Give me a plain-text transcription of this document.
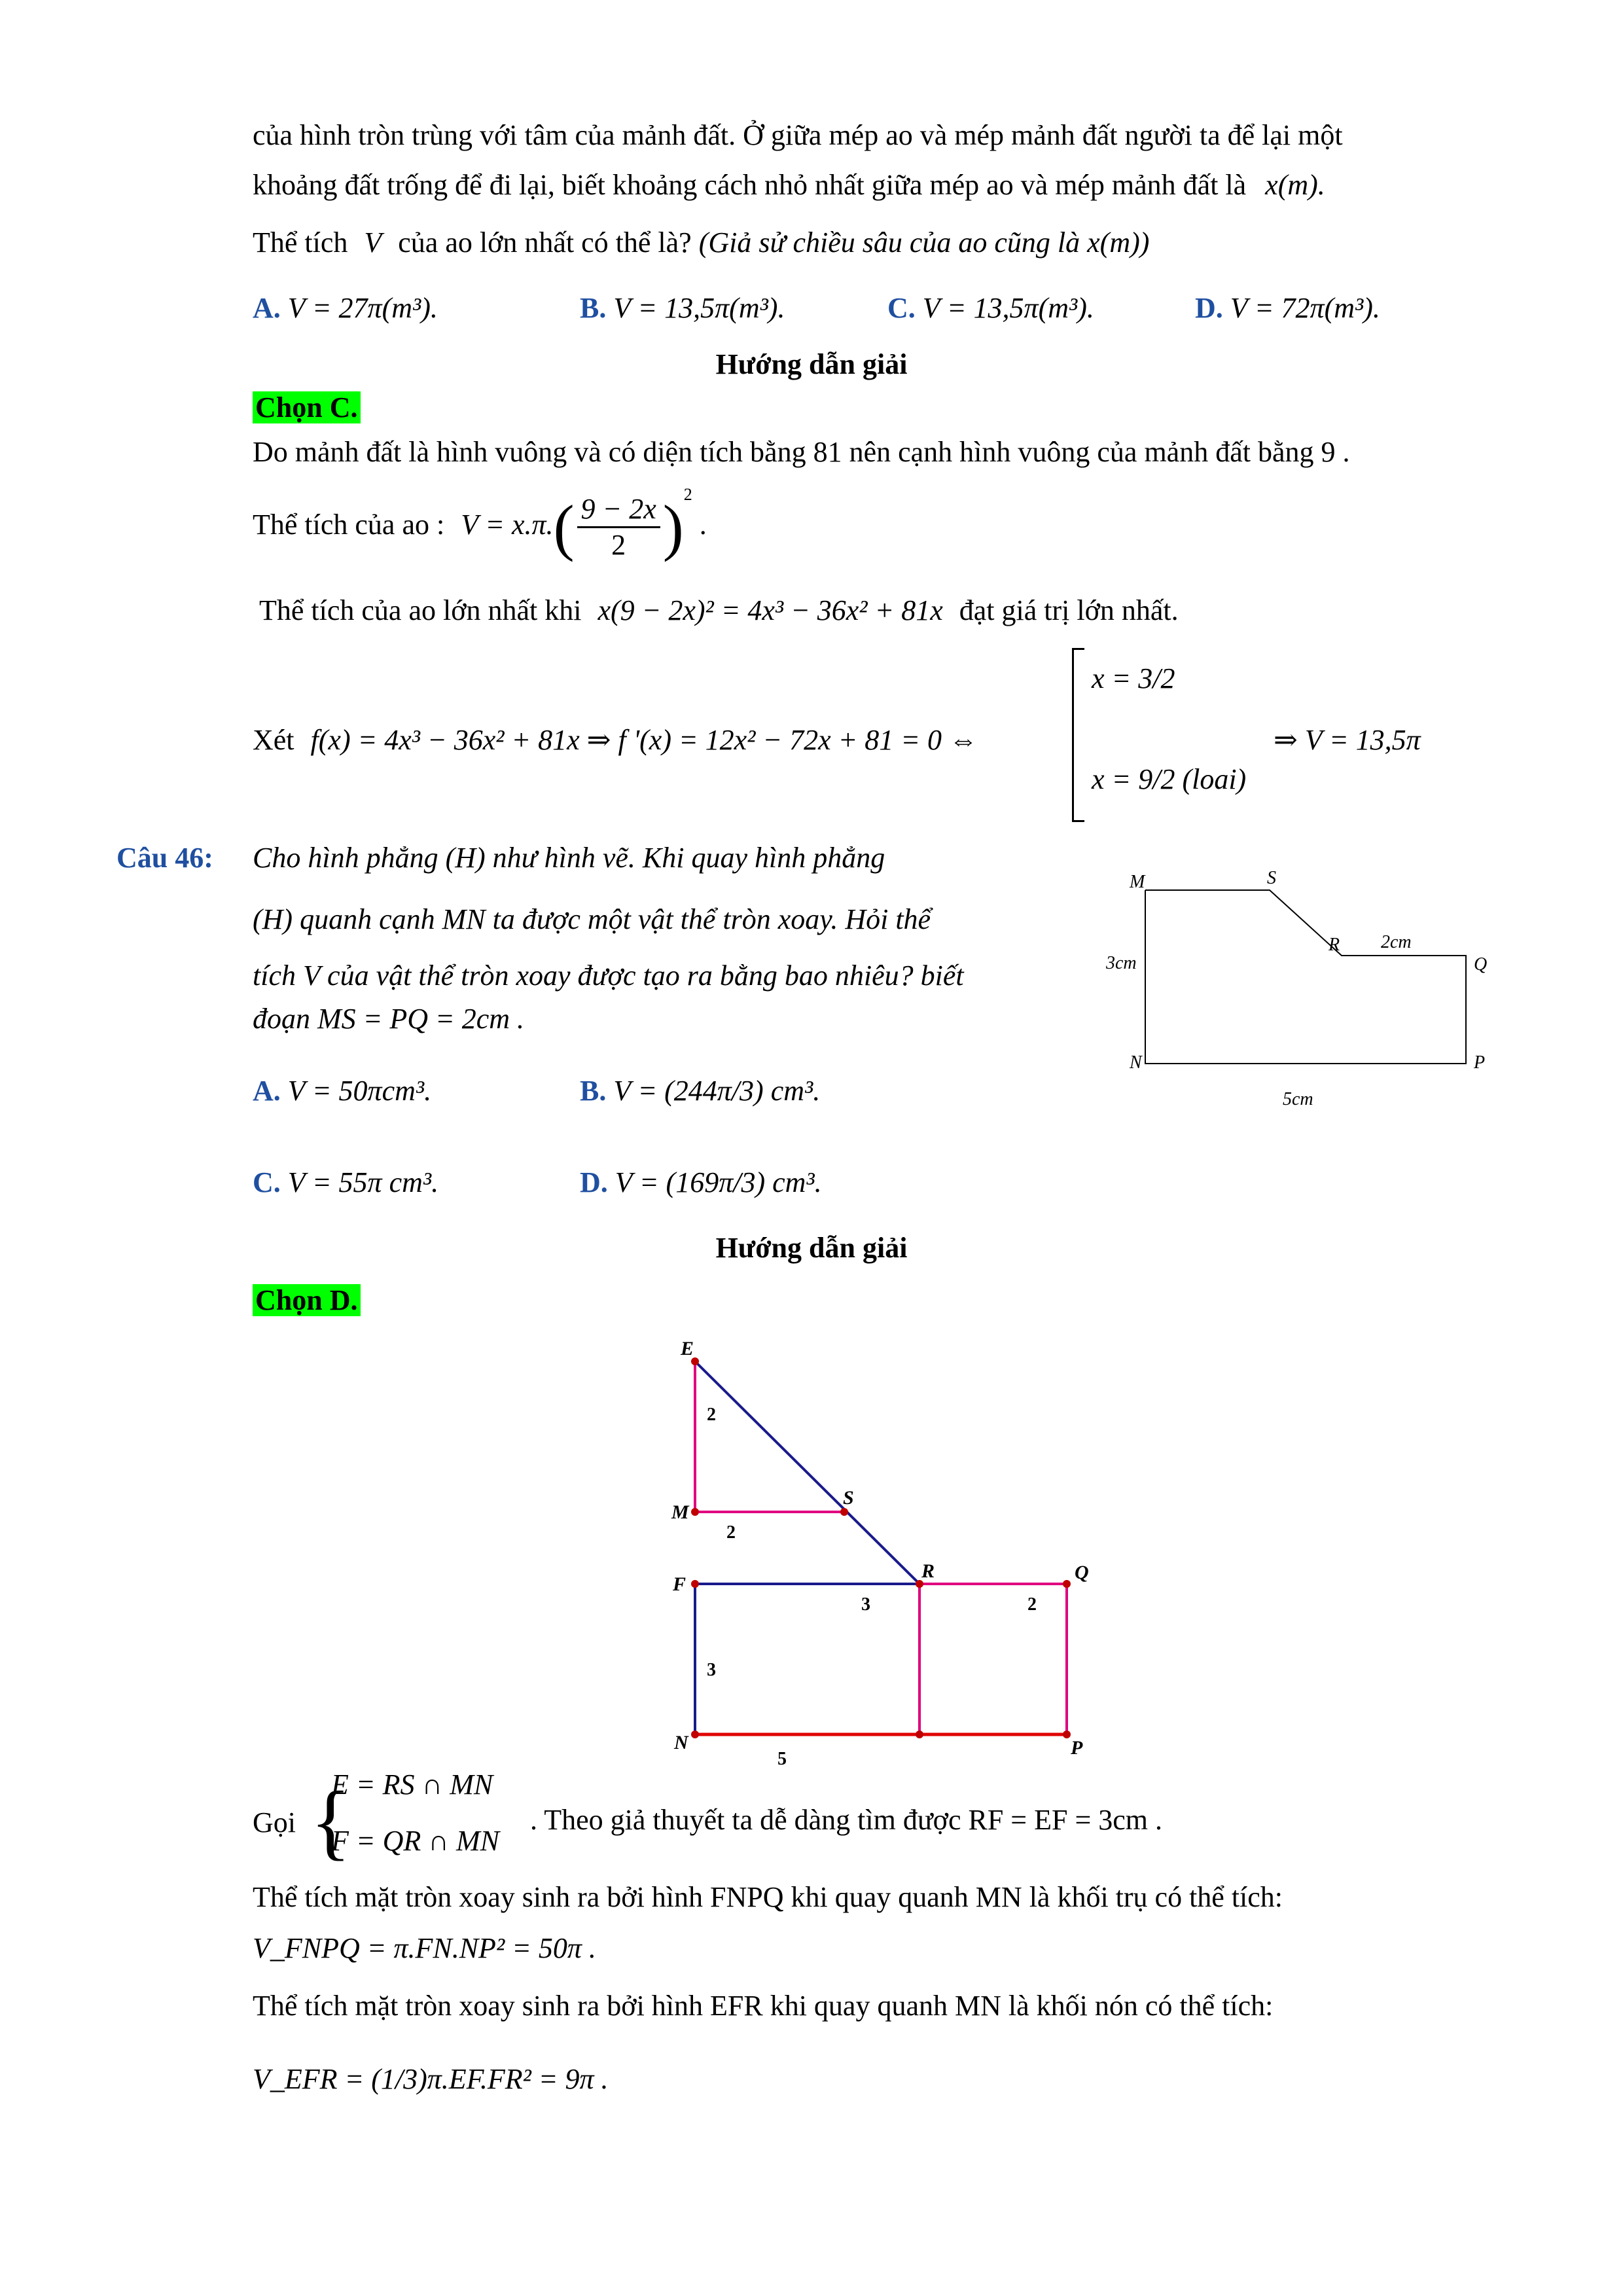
của hình tròn trùng với tâm của mảnh đất. Ở giữa mép ao và mép mảnh đất người ta để lại một
khoảng đất trống để đi lại, biết khoảng cách nhỏ nhất giữa mép ao và mép mảnh đất là x(m).
Thể tích V của ao lớn nhất có thể là? (Giả sử chiều sâu của ao cũng là x(m))
A. V = 27π(m³).	B. V = 13,5π(m³).	C. V = 13,5π(m³).	D. V = 72π(m³).
Hướng dẫn giải
Chọn C.
Do mảnh đất là hình vuông và có diện tích bằng 81 nên cạnh hình vuông của mảnh đất bằng 9 .
Thể tích của ao : $V = x.\pi.( \frac{9 - 2x}{2} )^2$ .
Thể tích của ao lớn nhất khi x(9 − 2x)² = 4x³ − 36x² + 81x đạt giá trị lớn nhất.
Xét f(x) = 4x³ − 36x² + 81x ⇒ f '(x) = 12x² − 72x + 81 = 0 ⇔
x = 3/2
x = 9/2 (loai)
⇒ V = 13,5π
Câu 46: Cho hình phẳng (H) như hình vẽ. Khi quay hình phẳng
(H) quanh cạnh MN ta được một vật thể tròn xoay. Hỏi thể
tích V của vật thể tròn xoay được tạo ra bằng bao nhiêu? biết
đoạn MS = PQ = 2cm .
A. V = 50πcm³.	B. V = (244π/3) cm³.
C. V = 55π cm³.	D. V = (169π/3) cm³.
M	S
R
Q
N	P
2cm
3cm
5cm
Hướng dẫn giải
Chọn D.
E
M
S
F
R	Q
N	P
2
2
3	2
3
5
Gọi {
E = RS ∩ MN
F = QR ∩ MN
. Theo giả thuyết ta dễ dàng tìm được RF = EF = 3cm .
Thể tích mặt tròn xoay sinh ra bởi hình FNPQ khi quay quanh MN là khối trụ có thể tích:
V_FNPQ = π.FN.NP² = 50π .
Thể tích mặt tròn xoay sinh ra bởi hình EFR khi quay quanh MN là khối nón có thể tích:
V_EFR = (1/3)π.EF.FR² = 9π .
